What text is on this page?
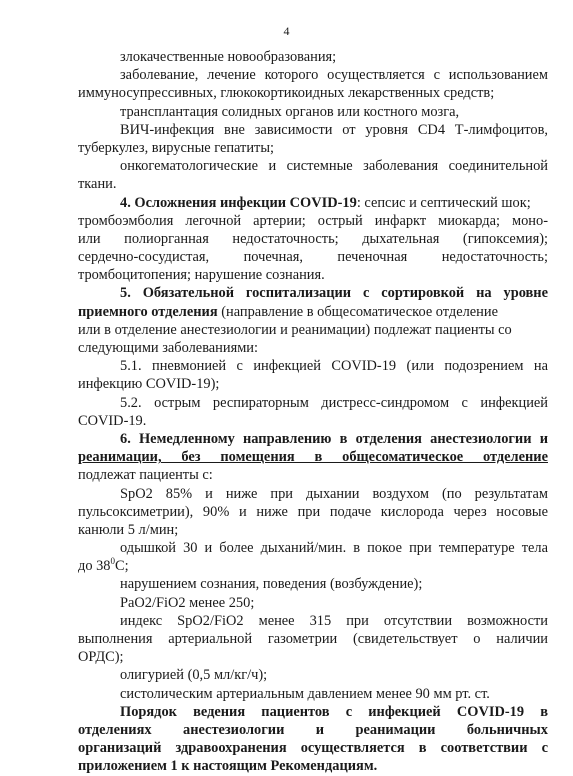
4
злокачественные новообразования;
заболевание, лечение которого осуществляется с использованием
иммуносупрессивных, глюкокортикоидных лекарственных средств;
трансплантация солидных органов или костного мозга,
ВИЧ-инфекция вне зависимости от уровня CD4 Т-лимфоцитов,
туберкулез, вирусные гепатиты;
онкогематологические и системные заболевания соединительной
ткани.
4. Осложнения инфекции COVID-19: сепсис и септический шок;
тромбоэмболия легочной артерии; острый инфаркт миокарда; моно-
или полиорганная недостаточность; дыхательная (гипоксемия);
сердечно-сосудистая, почечная, печеночная недостаточность;
тромбоцитопения; нарушение сознания.
5. Обязательной госпитализации с сортировкой на уровне
приемного отделения (направление в общесоматическое отделение
или в отделение анестезиологии и реанимации) подлежат пациенты со
следующими заболеваниями:
5.1. пневмонией с инфекцией COVID-19 (или подозрением на
инфекцию COVID-19);
5.2. острым респираторным дистресс-синдромом с инфекцией
COVID-19.
6. Немедленному направлению в отделения анестезиологии и
реанимации, без помещения в общесоматическое отделение
подлежат пациенты с:
SpO2 85% и ниже при дыхании воздухом (по результатам
пульсоксиметрии), 90% и ниже при подаче кислорода через носовые
канюли 5 л/мин;
одышкой 30 и более дыханий/мин. в покое при температуре тела
до $38^0С$;
нарушением сознания, поведения (возбуждение);
PaO2/FiO2 менее 250;
индекс SpO2/FiO2 менее 315 при отсутствии возможности
выполнения артериальной газометрии (свидетельствует о наличии
ОРДС);
олигурией (0,5 мл/кг/ч);
систолическим артериальным давлением менее 90 мм рт. ст.
Порядок ведения пациентов с инфекцией COVID-19 в
отделениях анестезиологии и реанимации больничных
организаций здравоохранения осуществляется в соответствии с
приложением 1 к настоящим Рекомендациям.
